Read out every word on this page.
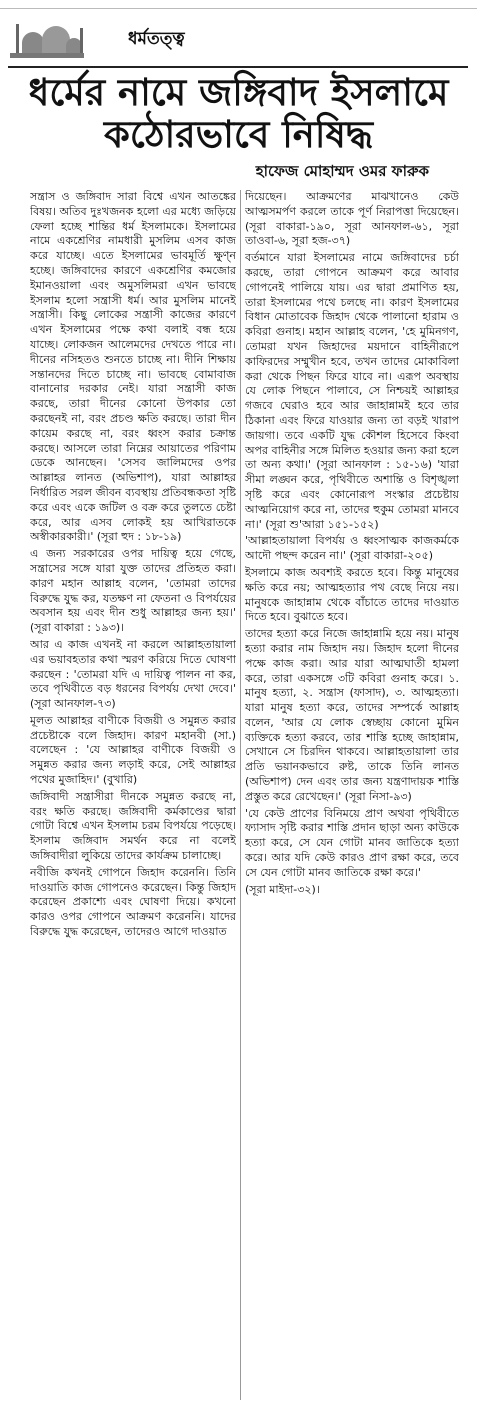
ধর্মতত্ত্ব
ধর্মের নামে জঙ্গিবাদ ইসলামে কঠোরভাবে নিষিদ্ধ
হাফেজ মোহাম্মদ ওমর ফারুক

সন্ত্রাস ও জঙ্গিবাদ সারা বিশ্বে এখন আতঙ্কের বিষয়। অতিব দুঃখজনক হলো এর মধ্যে জড়িয়ে ফেলা হচ্ছে শান্তির ধর্ম ইসলামকে। ইসলামের নামে একশ্রেণির নামধারী মুসলিম এসব কাজ করে যাচ্ছে। এতে ইসলামের ভাবমূর্তি ক্ষুণ্ন হচ্ছে। জঙ্গিবাদের কারণে একশ্রেণির কমজোর ইমানওয়ালা এবং অমুসলিমরা এখন ভাবছে ইসলাম হলো সন্ত্রাসী ধর্ম। আর মুসলিম মানেই সন্ত্রাসী। কিছু লোকের সন্ত্রাসী কাজের কারণে এখন ইসলামের পক্ষে কথা বলাই বন্ধ হয়ে যাচ্ছে। লোকজন আলেমদের দেখতে পারে না। দীনের নসিহতও শুনতে চাচ্ছে না। দীনি শিক্ষায় সন্তানদের দিতে চাচ্ছে না। ভাবছে বোমাবাজ বানানোর দরকার নেই। যারা সন্ত্রাসী কাজ করছে, তারা দীনের কোনো উপকার তো করছেনই না, বরং প্রচণ্ড ক্ষতি করছে। তারা দীন কায়েম করছে না, বরং ধ্বংস করার চক্রান্ত করছে। আসলে তারা নিম্নের আয়াতের পরিণাম ডেকে আনছেন। 'সেসব জালিমদের ওপর আল্লাহর লানত (অভিশাপ), যারা আল্লাহর নির্ধারিত সরল জীবন ব্যবস্থায় প্রতিবন্ধকতা সৃষ্টি করে এবং একে জটিল ও বক্র করে তুলতে চেষ্টা করে, আর এসব লোকই হয় আখিরাতকে অস্বীকারকারী।' (সূরা হুদ : ১৮-১৯)

এ জন্য সরকারের ওপর দায়িত্ব হয়ে গেছে, সন্ত্রাসের সঙ্গে যারা যুক্ত তাদের প্রতিহত করা। কারণ মহান আল্লাহ বলেন, 'তোমরা তাদের বিরুদ্ধে যুদ্ধ কর, যতক্ষণ না ফেতনা ও বিপর্যয়ের অবসান হয় এবং দীন শুধু আল্লাহর জন্য হয়।' (সূরা বাকারা : ১৯৩)।

আর এ কাজ এখনই না করলে আল্লাহতায়ালা এর ভয়াবহতার কথা স্মরণ করিয়ে দিতে ঘোষণা করছেন : 'তোমরা যদি এ দায়িত্ব পালন না কর, তবে পৃথিবীতে বড় ধরনের বিপর্যয় দেখা দেবে।' (সূরা আনফাল-৭৩)

মূলত আল্লাহর বাণীকে বিজয়ী ও সমুন্নত করার প্রচেষ্টাকে বলে জিহাদ। কারণ মহানবী (সা.) বলেছেন : 'যে আল্লাহর বাণীকে বিজয়ী ও সমুন্নত করার জন্য লড়াই করে, সেই আল্লাহর পথের মুজাহিদ।' (বুখারি)

জঙ্গিবাদী সন্ত্রাসীরা দীনকে সমুন্নত করছে না, বরং ক্ষতি করছে। জঙ্গিবাদী কর্মকাণ্ডের দ্বারা গোটা বিশ্বে এখন ইসলাম চরম বিপর্যয়ে পড়েছে। ইসলাম জঙ্গিবাদ সমর্থন করে না বলেই জঙ্গিবাদীরা লুকিয়ে তাদের কার্যক্রম চালাচ্ছে।

নবীজি কখনই গোপনে জিহাদ করেননি। তিনি দাওয়াতি কাজ গোপনেও করেছেন। কিন্তু জিহাদ করেছেন প্রকাশ্যে এবং ঘোষণা দিয়ে। কখনো কারও ওপর গোপনে আক্রমণ করেননি। যাদের বিরুদ্ধে যুদ্ধ করেছেন, তাদেরও আগে দাওয়াত

দিয়েছেন। আক্রমণের মাঝখানেও কেউ আত্মসমর্পণ করলে তাকে পূর্ণ নিরাপত্তা দিয়েছেন। (সূরা বাকারা-১৯০, সূরা আনফাল-৬১, সূরা তাওবা-৬, সূরা হজ-৩৭)

বর্তমানে যারা ইসলামের নামে জঙ্গিবাদের চর্চা করছে, তারা গোপনে আক্রমণ করে আবার গোপনেই পালিয়ে যায়। এর দ্বারা প্রমাণিত হয়, তারা ইসলামের পথে চলছে না। কারণ ইসলামের বিধান মোতাবেক জিহাদ থেকে পালানো হারাম ও কবিরা গুনাহ। মহান আল্লাহ বলেন, 'হে মুমিনগণ, তোমরা যখন জিহাদের ময়দানে বাহিনীরূপে কাফিরদের সম্মুখীন হবে, তখন তাদের মোকাবিলা করা থেকে পিছন ফিরে যাবে না। এরূপ অবস্থায় যে লোক পিছনে পালাবে, সে নিশ্চয়ই আল্লাহর গজবে ঘেরাও হবে আর জাহান্নামই হবে তার ঠিকানা এবং ফিরে যাওয়ার জন্য তা বড়ই খারাপ জায়গা। তবে একটি যুদ্ধ কৌশল হিসেবে কিংবা অপর বাহিনীর সঙ্গে মিলিত হওয়ার জন্য করা হলে তা অন্য কথা।' (সূরা আনফাল : ১৫-১৬) 'যারা সীমা লঙ্ঘন করে, পৃথিবীতে অশান্তি ও বিশৃঙ্খলা সৃষ্টি করে এবং কোনোরূপ সংস্কার প্রচেষ্টায় আত্মনিয়োগ করে না, তাদের হুকুম তোমরা মানবে না।' (সূরা শু'আরা ১৫১-১৫২)

'আল্লাহতায়ালা বিপর্যয় ও ধ্বংসাত্মক কাজকর্মকে আদৌ পছন্দ করেন না।' (সূরা বাকারা-২০৫)

ইসলামে কাজ অবশ্যই করতে হবে। কিন্তু মানুষের ক্ষতি করে নয়; আত্মহত্যার পথ বেছে নিয়ে নয়। মানুষকে জাহান্নাম থেকে বাঁচাতে তাদের দাওয়াত দিতে হবে। বুঝাতে হবে।

তাদের হত্যা করে নিজে জাহান্নামি হয়ে নয়। মানুষ হত্যা করার নাম জিহাদ নয়। জিহাদ হলো দীনের পক্ষে কাজ করা। আর যারা আত্মঘাতী হামলা করে, তারা একসঙ্গে ৩টি কবিরা গুনাহ করে। ১. মানুষ হত্যা, ২. সন্ত্রাস (ফাসাদ), ৩. আত্মহত্যা। যারা মানুষ হত্যা করে, তাদের সম্পর্কে আল্লাহ বলেন, 'আর যে লোক স্বেচ্ছায় কোনো মুমিন ব্যক্তিকে হত্যা করবে, তার শাস্তি হচ্ছে জাহান্নাম, সেখানে সে চিরদিন থাকবে। আল্লাহতায়ালা তার প্রতি ভয়ানকভাবে রুষ্ট, তাকে তিনি লানত (অভিশাপ) দেন এবং তার জন্য যন্ত্রণাদায়ক শাস্তি প্রস্তুত করে রেখেছেন।' (সূরা নিসা-৯৩)

'যে কেউ প্রাণের বিনিময়ে প্রাণ অথবা পৃথিবীতে ফ্যাসাদ সৃষ্টি করার শাস্তি প্রদান ছাড়া অন্য কাউকে হত্যা করে, সে যেন গোটা মানব জাতিকে হত্যা করে। আর যদি কেউ কারও প্রাণ রক্ষা করে, তবে সে যেন গোটা মানব জাতিকে রক্ষা করে।'

(সূরা মাইদা-৩২)।
